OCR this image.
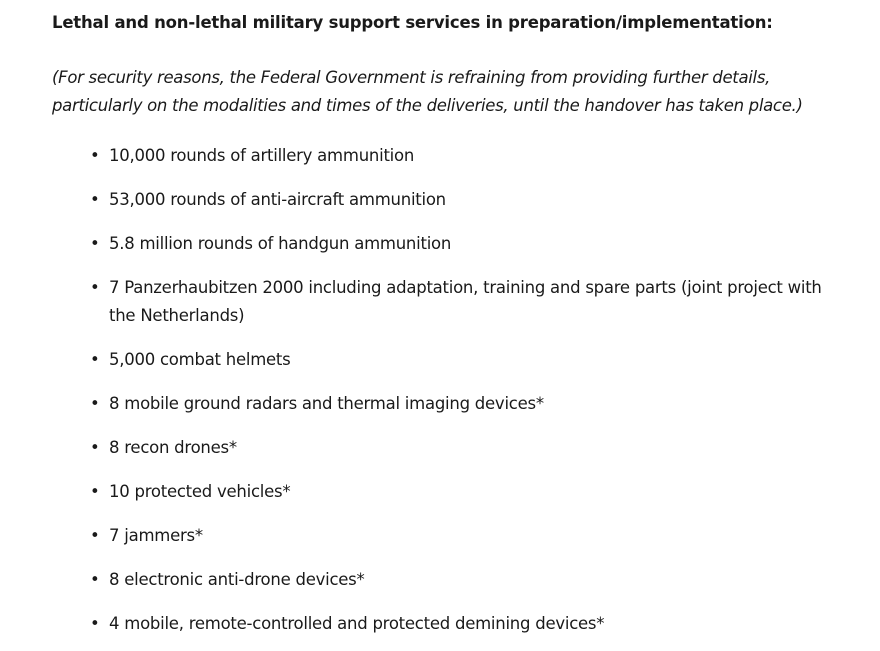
Lethal and non-lethal military support services in preparation/implementation:

(For security reasons, the Federal Government is refraining from providing further details, particularly on the modalities and times of the deliveries, until the handover has taken place.)

• 10,000 rounds of artillery ammunition
• 53,000 rounds of anti-aircraft ammunition
• 5.8 million rounds of handgun ammunition
• 7 Panzerhaubitzen 2000 including adaptation, training and spare parts (joint project with the Netherlands)
• 5,000 combat helmets
• 8 mobile ground radars and thermal imaging devices*
• 8 recon drones*
• 10 protected vehicles*
• 7 jammers*
• 8 electronic anti-drone devices*
• 4 mobile, remote-controlled and protected demining devices*
